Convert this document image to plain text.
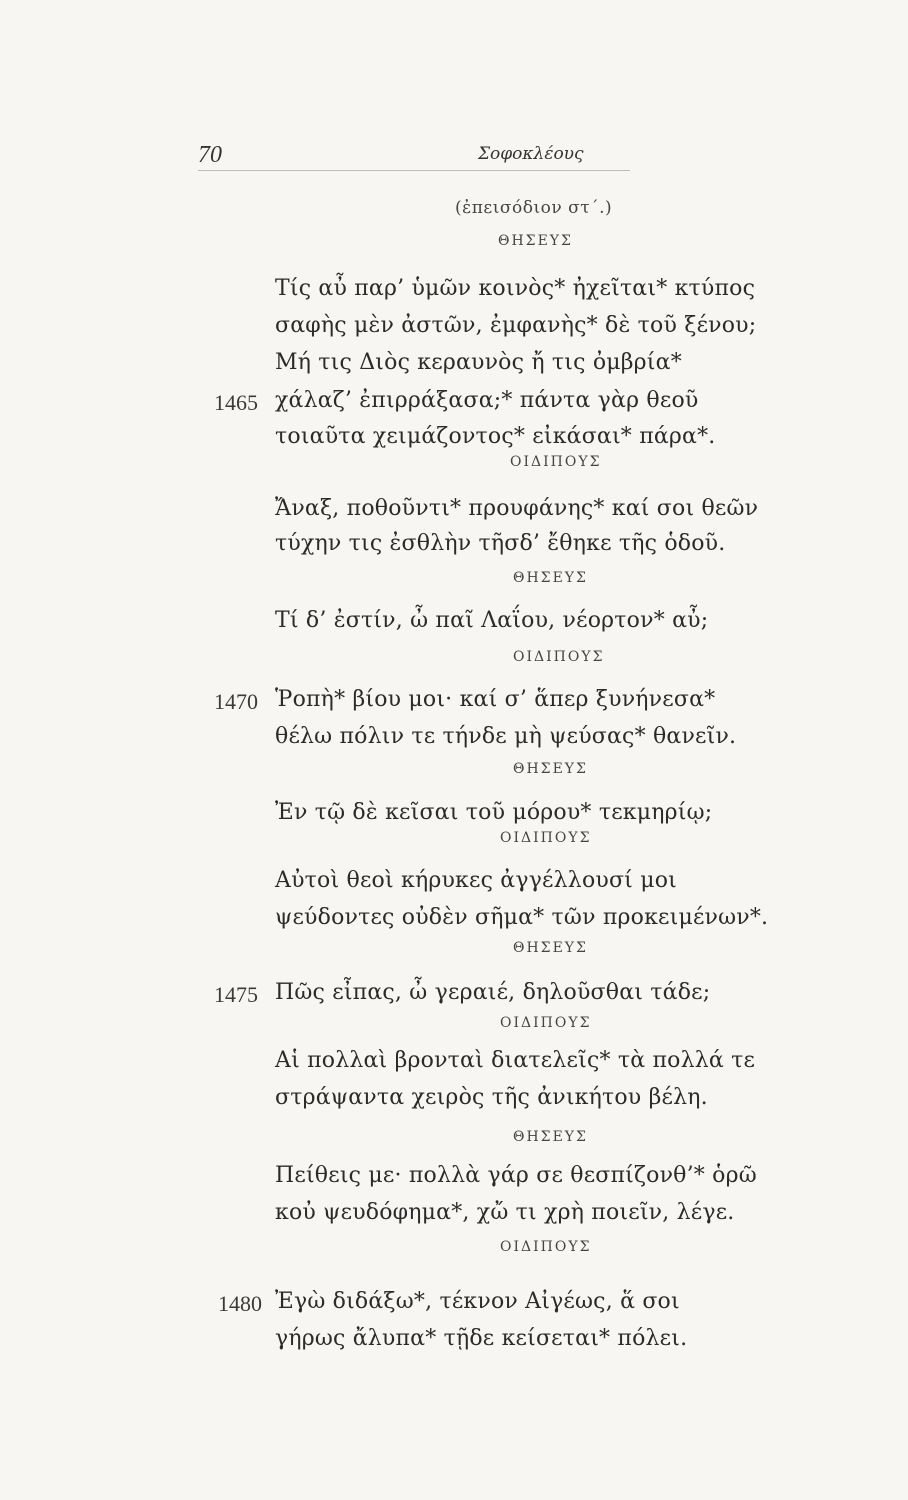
70	Σοφοκλέους
(ἐπεισόδιον στ΄.)
ΘΗΣΕΥΣ
Τίς αὖ παρ’ ὑμῶν κοινὸς* ἠχεῖται* κτύπος
σαφὴς μὲν ἀστῶν, ἐμφανὴς* δὲ τοῦ ξένου;
Μή τις Διὸς κεραυνὸς ἤ τις ὀμβρία*
χάλαζ’ ἐπιρράξασα;* πάντα γὰρ θεοῦ
1465
τοιαῦτα χειμάζοντος* εἰκάσαι* πάρα*.
ΟΙΔΙΠΟΥΣ
Ἄναξ, ποθοῦντι* προυφάνης* καί σοι θεῶν
τύχην τις ἐσθλὴν τῆσδ’ ἔθηκε τῆς ὁδοῦ.
ΘΗΣΕΥΣ
Τί δ’ ἐστίν, ὦ παῖ Λαΐου, νέορτον* αὖ;
ΟΙΔΙΠΟΥΣ
Ῥοπὴ* βίου μοι· καί σ’ ἅπερ ξυνήνεσα*
1470
θέλω πόλιν τε τήνδε μὴ ψεύσας* θανεῖν.
ΘΗΣΕΥΣ
Ἐν τῷ δὲ κεῖσαι τοῦ μόρου* τεκμηρίῳ;
ΟΙΔΙΠΟΥΣ
Αὐτοὶ θεοὶ κήρυκες ἀγγέλλουσί μοι
ψεύδοντες οὐδὲν σῆμα* τῶν προκειμένων*.
ΘΗΣΕΥΣ
Πῶς εἶπας, ὦ γεραιέ, δηλοῦσθαι τάδε;
1475
ΟΙΔΙΠΟΥΣ
Αἱ πολλαὶ βρονταὶ διατελεῖς* τὰ πολλά τε
στράψαντα χειρὸς τῆς ἀνικήτου βέλη.
ΘΗΣΕΥΣ
Πείθεις με· πολλὰ γάρ σε θεσπίζονθ’* ὁρῶ
κοὐ ψευδόφημα*, χὤ τι χρὴ ποιεῖν, λέγε.
ΟΙΔΙΠΟΥΣ
Ἐγὼ διδάξω*, τέκνον Αἰγέως, ἅ σοι
1480
γήρως ἄλυπα* τῇδε κείσεται* πόλει.
